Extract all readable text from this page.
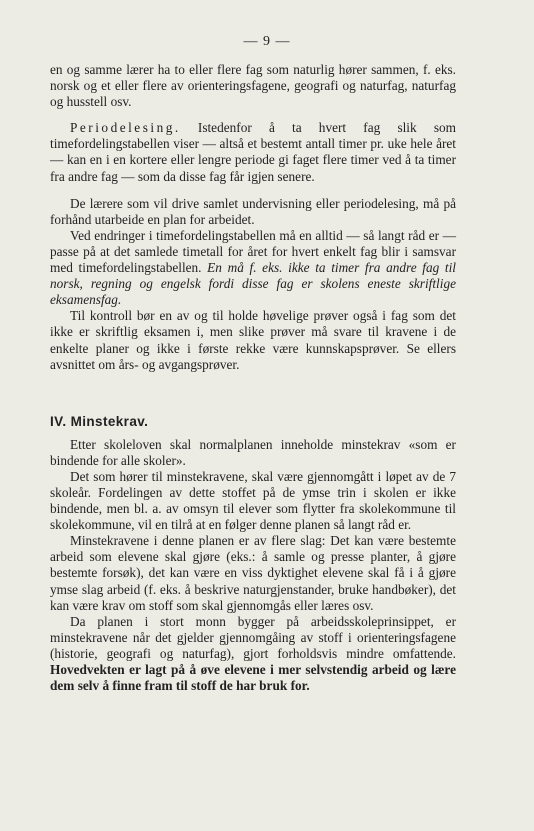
— 9 —

en og samme lærer ha to eller flere fag som naturlig hører sammen, f. eks. norsk og et eller flere av orienteringsfagene, geografi og naturfag, naturfag og husstell osv.

Periodelesing. Istedenfor å ta hvert fag slik som timefordelingstabellen viser — altså et bestemt antall timer pr. uke hele året — kan en i en kortere eller lengre periode gi faget flere timer ved å ta timer fra andre fag — som da disse fag får igjen senere.

De lærere som vil drive samlet undervisning eller periodelesing, må på forhånd utarbeide en plan for arbeidet.

Ved endringer i timefordelingstabellen må en alltid — så langt råd er — passe på at det samlede timetall for året for hvert enkelt fag blir i samsvar med timefordelingstabellen. En må f. eks. ikke ta timer fra andre fag til norsk, regning og engelsk fordi disse fag er skolens eneste skriftlige eksamensfag.

Til kontroll bør en av og til holde høvelige prøver også i fag som det ikke er skriftlig eksamen i, men slike prøver må svare til kravene i de enkelte planer og ikke i første rekke være kunnskapsprøver. Se ellers avsnittet om års- og avgangsprøver.

IV. Minstekrav.

Etter skoleloven skal normalplanen inneholde minstekrav «som er bindende for alle skoler».

Det som hører til minstekravene, skal være gjennomgått i løpet av de 7 skoleår. Fordelingen av dette stoffet på de ymse trin i skolen er ikke bindende, men bl. a. av omsyn til elever som flytter fra skolekommune til skolekommune, vil en tilrå at en følger denne planen så langt råd er.

Minstekravene i denne planen er av flere slag: Det kan være bestemte arbeid som elevene skal gjøre (eks.: å samle og presse planter, å gjøre bestemte forsøk), det kan være en viss dyktighet elevene skal få i å gjøre ymse slag arbeid (f. eks. å beskrive naturgjenstander, bruke handbøker), det kan være krav om stoff som skal gjennomgås eller læres osv.

Da planen i stort monn bygger på arbeidsskoleprinsippet, er minstekravene når det gjelder gjennomgåing av stoff i orienteringsfagene (historie, geografi og naturfag), gjort forholdsvis mindre omfattende. Hovedvekten er lagt på å øve elevene i mer selvstendig arbeid og lære dem selv å finne fram til stoff de har bruk for.
